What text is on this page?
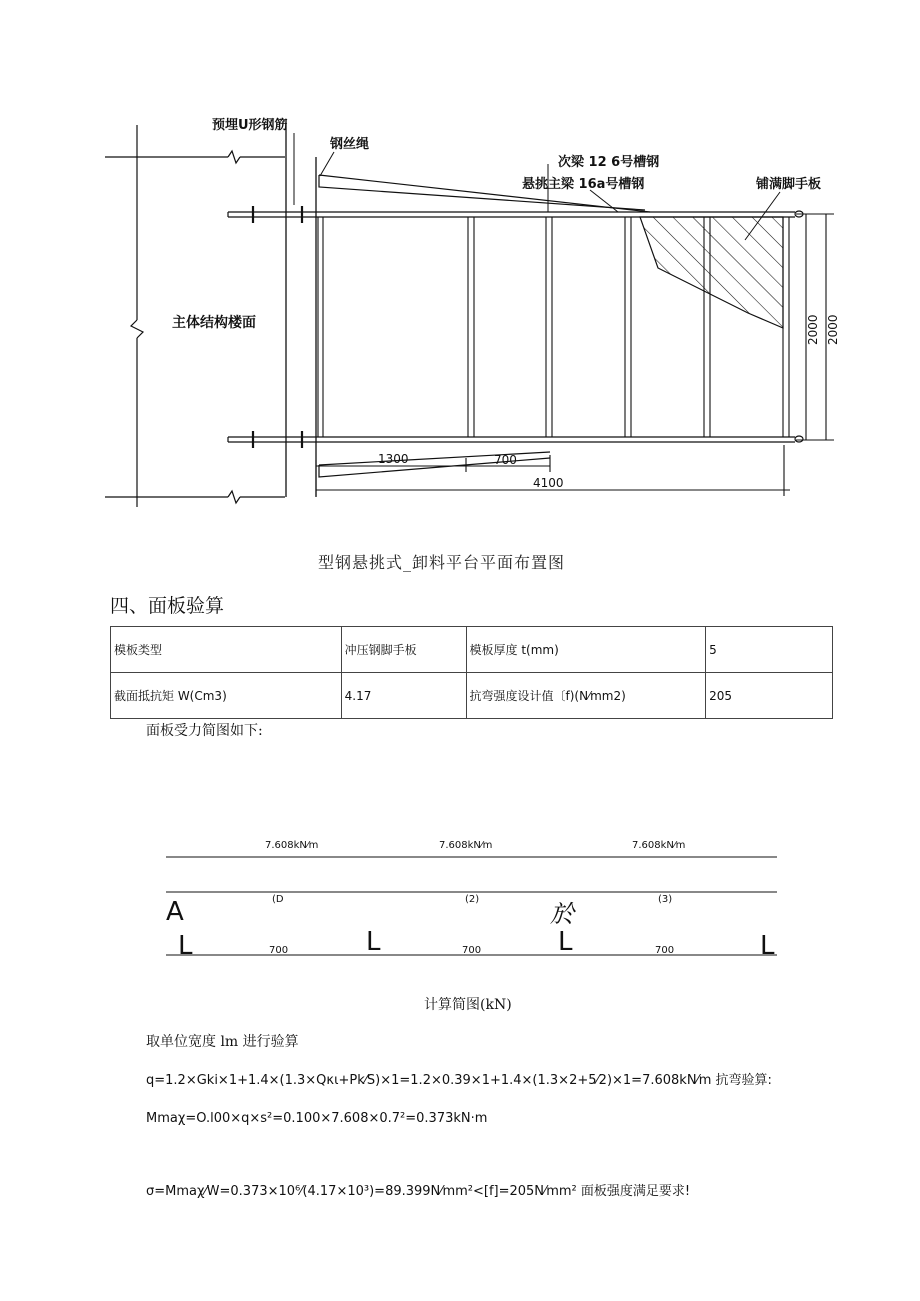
预埋U形钢筋
钢丝绳
次梁 12 6号槽钢
悬挑主梁 16a号槽钢	铺满脚手板
主体结构楼面
1300	700
4100
2000 2000
型钢悬挑式_卸料平台平面布置图
四、面板验算
模板类型	冲压钢脚手板	模板厚度 t(mm)	5
截面抵抗矩 W(Cm3)	4.17	抗弯强度设计值〔f)(N⁄mm2)	205
面板受力简图如下:
7.608kN⁄m	7.608kN⁄m	7.608kN⁄m
(D	(2)	(3)
A
L	L	L	L
於
700	700	700
计算简图(kN)
取单位宽度 lm 进行验算
q=1.2×Gki×1+1.4×(1.3×Qκι+Pk⁄S)×1=1.2×0.39×1+1.4×(1.3×2+5⁄2)×1=7.608kN⁄m 抗弯验算:
Mmaχ=O.l00×q×s²=0.100×7.608×0.7²=0.373kN·m
σ=Mmaχ⁄W=0.373×10⁶⁄(4.17×10³)=89.399N⁄mm²<[f]=205N⁄mm² 面板强度满足要求!
